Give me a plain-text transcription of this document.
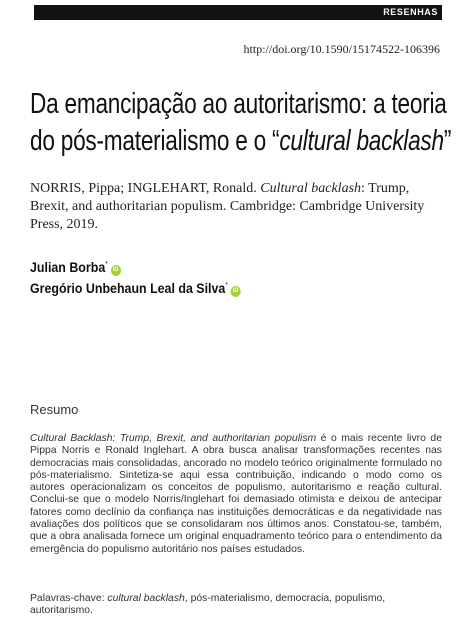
RESENHAS
http://doi.org/10.1590/15174522-106396
Da emancipação ao autoritarismo: a teoria
do pós-materialismo e o “cultural backlash”
NORRIS, Pippa; INGLEHART, Ronald. Cultural backlash: Trump, Brexit, and authoritarian populism. Cambridge: Cambridge University Press, 2019.
Julian Borba*iD
Gregório Unbehaun Leal da Silva*iD
Resumo

Cultural Backlash: Trump, Brexit, and authoritarian populism é o mais recente livro de Pippa Norris e Ronald Inglehart. A obra busca analisar transformações recentes nas democracias mais consolidadas, ancorado no modelo teórico originalmente formulado no pós-materialismo. Sintetiza-se aqui essa contribuição, indicando o modo como os autores operacionalizam os conceitos de populismo, autoritarismo e reação cultural. Conclui-se que o modelo Norris/Inglehart foi demasiado otimista e deixou de antecipar fatores como declínio da confiança nas instituições democráticas e da negatividade nas avaliações dos políticos que se consolidaram nos últimos anos. Constatou-se, também, que a obra analisada fornece um original enquadramento teórico para o entendimento da emergência do populismo autoritário nos países estudados.

Palavras-chave: cultural backlash, pós-materialismo, democracia, populismo, autoritarismo.
